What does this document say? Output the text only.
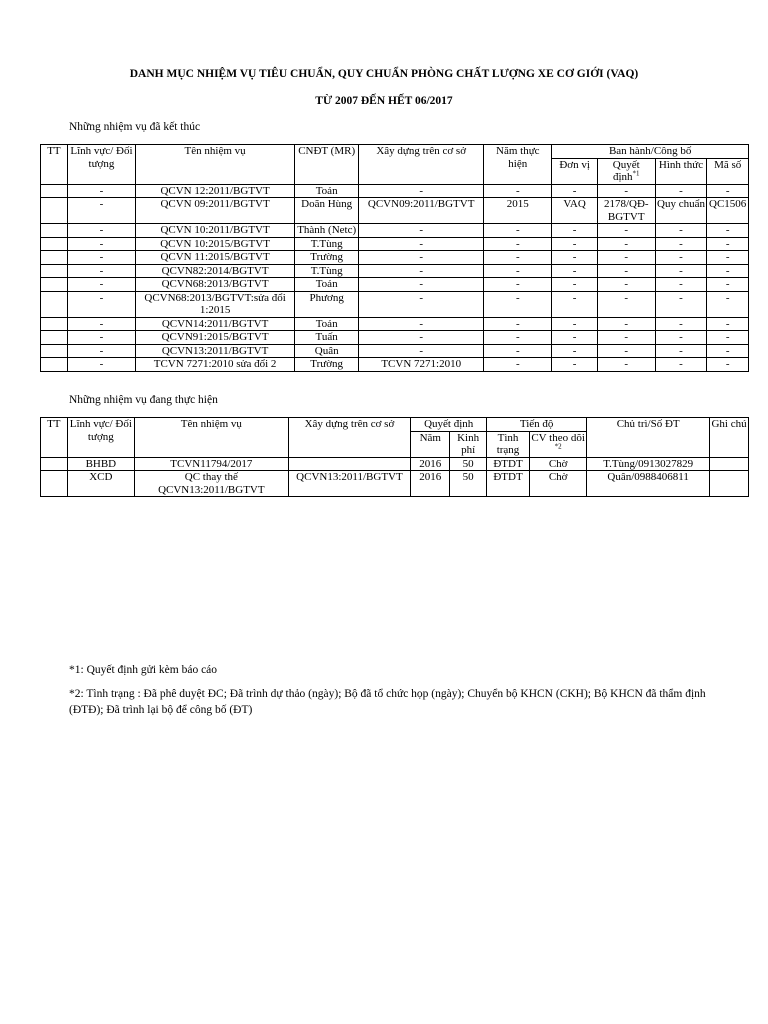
DANH MỤC NHIỆM VỤ TIÊU CHUẨN, QUY CHUẨN PHÒNG CHẤT LƯỢNG XE CƠ GIỚI (VAQ)
TỪ 2007 ĐẾN HẾT 06/2017
Những nhiệm vụ đã kết thúc
TT	Lĩnh vực/ Đối tượng	Tên nhiệm vụ	CNĐT (MR)	Xây dựng trên cơ sở	Năm thực hiện	Ban hành/Công bố			
						Đơn vị	Quyết định$^{*1}$	Hình thức	Mã số
	-	QCVN 12:2011/BGTVT	Toản	-	-	-	-	-	-
	-	QCVN 09:2011/BGTVT	Doãn Hùng	QCVN09:2011/BGTVT	2015	VAQ	2178/QĐ-BGTVT	Quy chuẩn	QC1506
	-	QCVN 10:2011/BGTVT	Thành (Netc)	-	-	-	-	-	-
	-	QCVN 10:2015/BGTVT	T.Tùng	-	-	-	-	-	-
	-	QCVN 11:2015/BGTVT	Trường	-	-	-	-	-	-
	-	QCVN82:2014/BGTVT	T.Tùng	-	-	-	-	-	-
	-	QCVN68:2013/BGTVT	Toản	-	-	-	-	-	-
	-	QCVN68:2013/BGTVT:sửa đổi 1:2015	Phương	-	-	-	-	-	-
	-	QCVN14:2011/BGTVT	Toản	-	-	-	-	-	-
	-	QCVN91:2015/BGTVT	Tuấn	-	-	-	-	-	-
	-	QCVN13:2011/BGTVT	Quân	-	-	-	-	-	-
	-	TCVN 7271:2010 sửa đổi 2	Trường	TCVN 7271:2010	-	-	-	-	-
Những nhiệm vụ đang thực hiện
TT	Lĩnh vực/ Đối tượng	Tên nhiệm vụ	Xây dựng trên cơ sở	Quyết định		Tiến độ		Chủ trì/Số ĐT	Ghi chú
				Năm	Kinh phí	Tình trạng	CV theo dõi $^{*2}$
	BHBD	TCVN11794/2017		2016	50	ĐTDT	Chờ	T.Tùng/0913027829	
	XCD	QC thay thế QCVN13:2011/BGTVT	QCVN13:2011/BGTVT	2016	50	ĐTDT	Chờ	Quân/0988406811	
*1: Quyết định gửi kèm báo cáo
*2: Tình trạng : Đã phê duyệt ĐC; Đã trình dự thảo (ngày); Bộ đã tổ chức họp (ngày); Chuyển bộ KHCN (CKH); Bộ KHCN đã thẩm định (ĐTĐ); Đã trình lại bộ để công bố (ĐT)
